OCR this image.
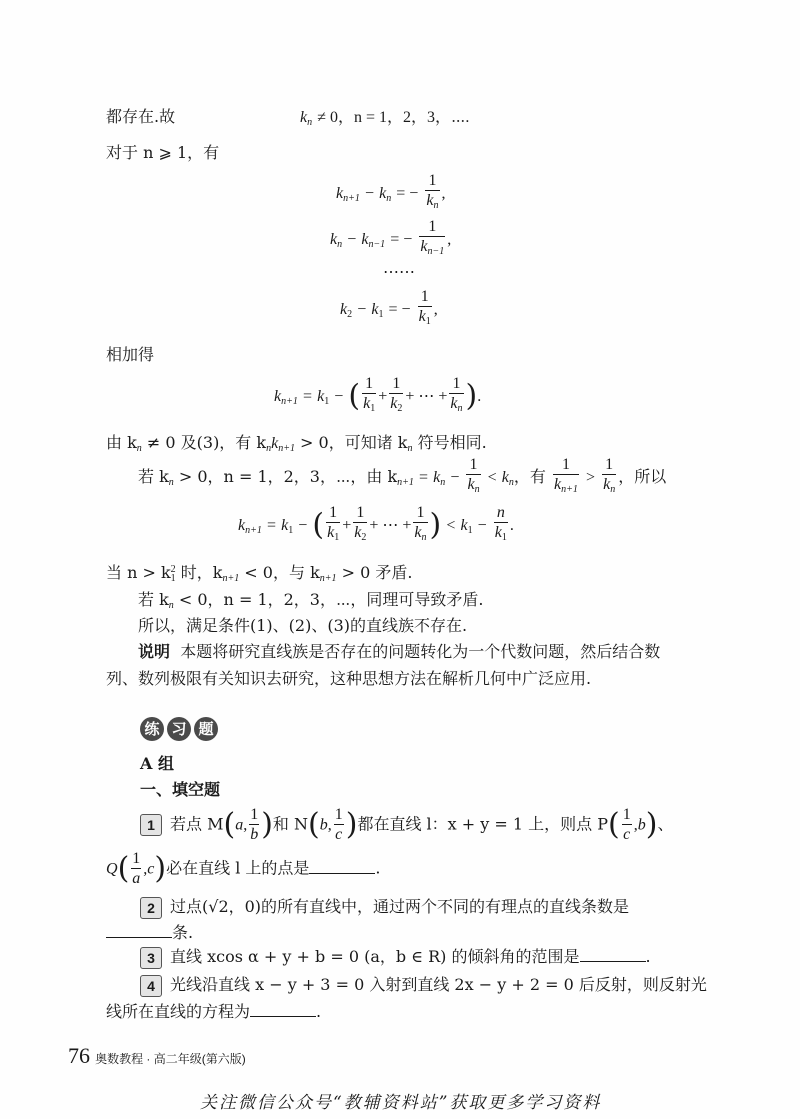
都存在.故	$k_n \ne 0$，n = 1，2，3，⋯.
对于 n ⩾ 1，有
$k_{n+1} - k_n$ = − $\frac{1}{k_n}$ ,
$k_n - k_{n-1}$ = − $\frac{1}{k_{n-1}}$ ,
⋯⋯
$k_2 - k_1$ = − $\frac{1}{k_1}$ ,
相加得
$k_{n+1} = k_1$ − ( $\frac{1}{k_1} + \frac{1}{k_2}$ + ⋯ + $\frac{1}{k_n}$ ).
由 $k_n \ne 0$ 及(3)，有 $k_nk_{n+1} > 0$，可知诸 $k_n$ 符号相同.
若 $k_n > 0$，n = 1，2，3，⋯，由 $k_{n+1} = k_n - \frac{1}{k_n} < k_n$，有 $\frac{1}{k_{n+1}} > \frac{1}{k_n}$ ，所以
$k_{n+1} = k_1$ − ( $\frac{1}{k_1} + \frac{1}{k_2}$ + ⋯ + $\frac{1}{k_n}$ ) < $k_1 - \frac{n}{k_1}$ .
当 $n > k^2_1$ 时，$k_{n+1} < 0$，与 $k_{n+1} > 0$ 矛盾.
若 $k_n < 0$，n = 1，2，3，⋯，同理可导致矛盾.
所以，满足条件(1)、(2)、(3)的直线族不存在.
说明 本题将研究直线族是否存在的问题转化为一个代数问题，然后结合数
列、数列极限有关知识去研究，这种思想方法在解析几何中广泛应用.
练 习 题
A 组
一、填空题
1 若点 M(a, $\frac{1}{b}$ )和 N(b, $\frac{1}{c}$ )都在直线 l：x + y = 1 上，则点 $P( \frac{1}{c} ,b)$、
$Q( \frac{1}{a} ,c)$必在直线 l 上的点是	.
2 过点(√2，0)的所有直线中，通过两个不同的有理点的直线条数是
条.
3 直线 xcos α + y + b = 0 (a，b ∈ R) 的倾斜角的范围是	.
4 光线沿直线 x − y + 3 = 0 入射到直线 2x − y + 2 = 0 后反射，则反射光
线所在直线的方程为	.
76 奥数教程 · 高二年级(第六版)
关注微信公众号“教辅资料站”获取更多学习资料
